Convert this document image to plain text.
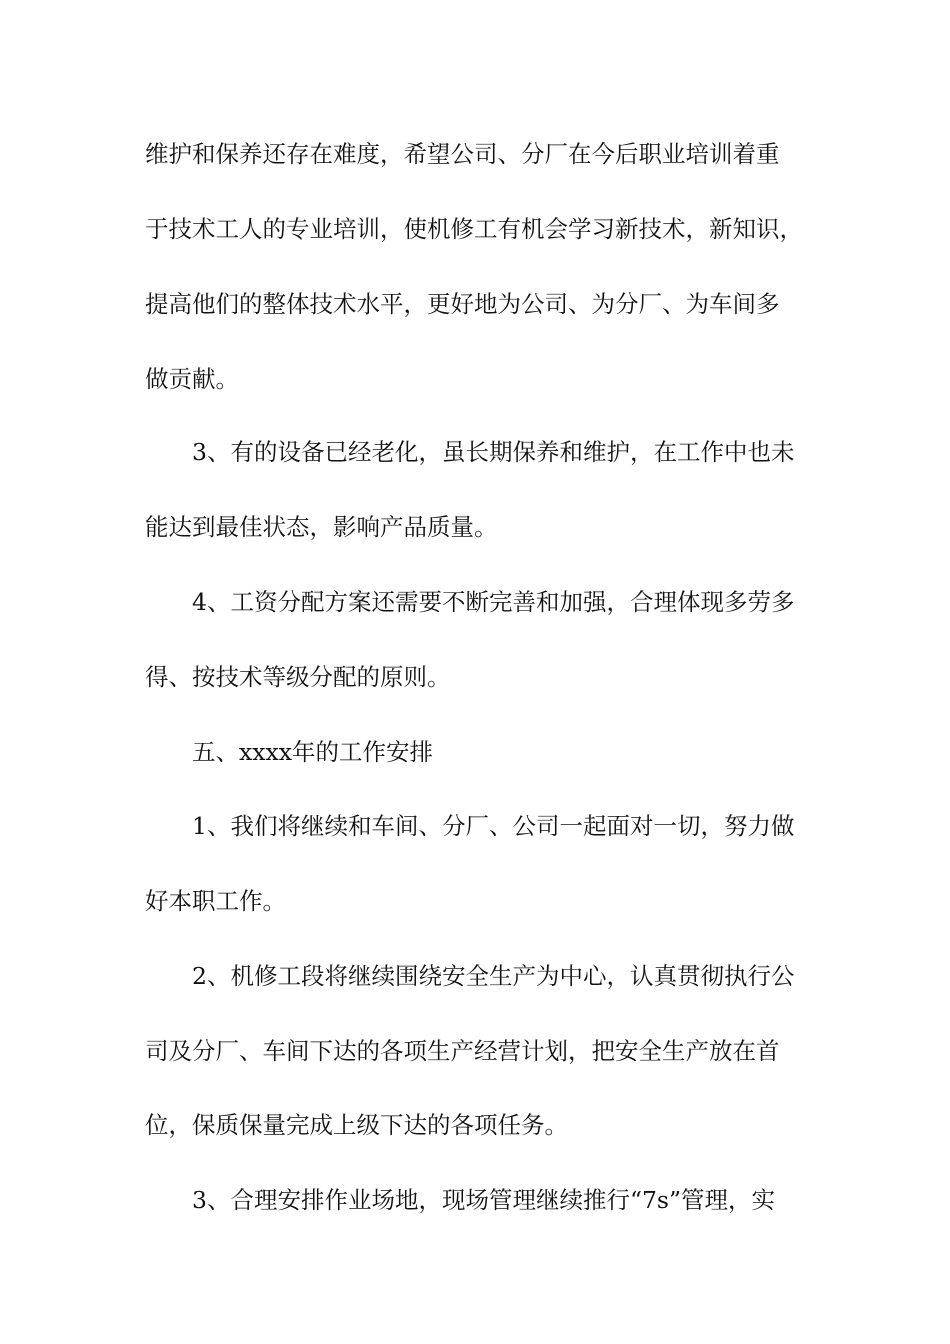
维护和保养还存在难度，希望公司、分厂在今后职业培训着重
于技术工人的专业培训，使机修工有机会学习新技术，新知识，
提高他们的整体技术水平，更好地为公司、为分厂、为车间多
做贡献。
3、有的设备已经老化，虽长期保养和维护，在工作中也未
能达到最佳状态，影响产品质量。
4、工资分配方案还需要不断完善和加强，合理体现多劳多
得、按技术等级分配的原则。
五、xxxx年的工作安排
1、我们将继续和车间、分厂、公司一起面对一切，努力做
好本职工作。
2、机修工段将继续围绕安全生产为中心，认真贯彻执行公
司及分厂、车间下达的各项生产经营计划，把安全生产放在首
位，保质保量完成上级下达的各项任务。
3、合理安排作业场地，现场管理继续推行“7s”管理，实
